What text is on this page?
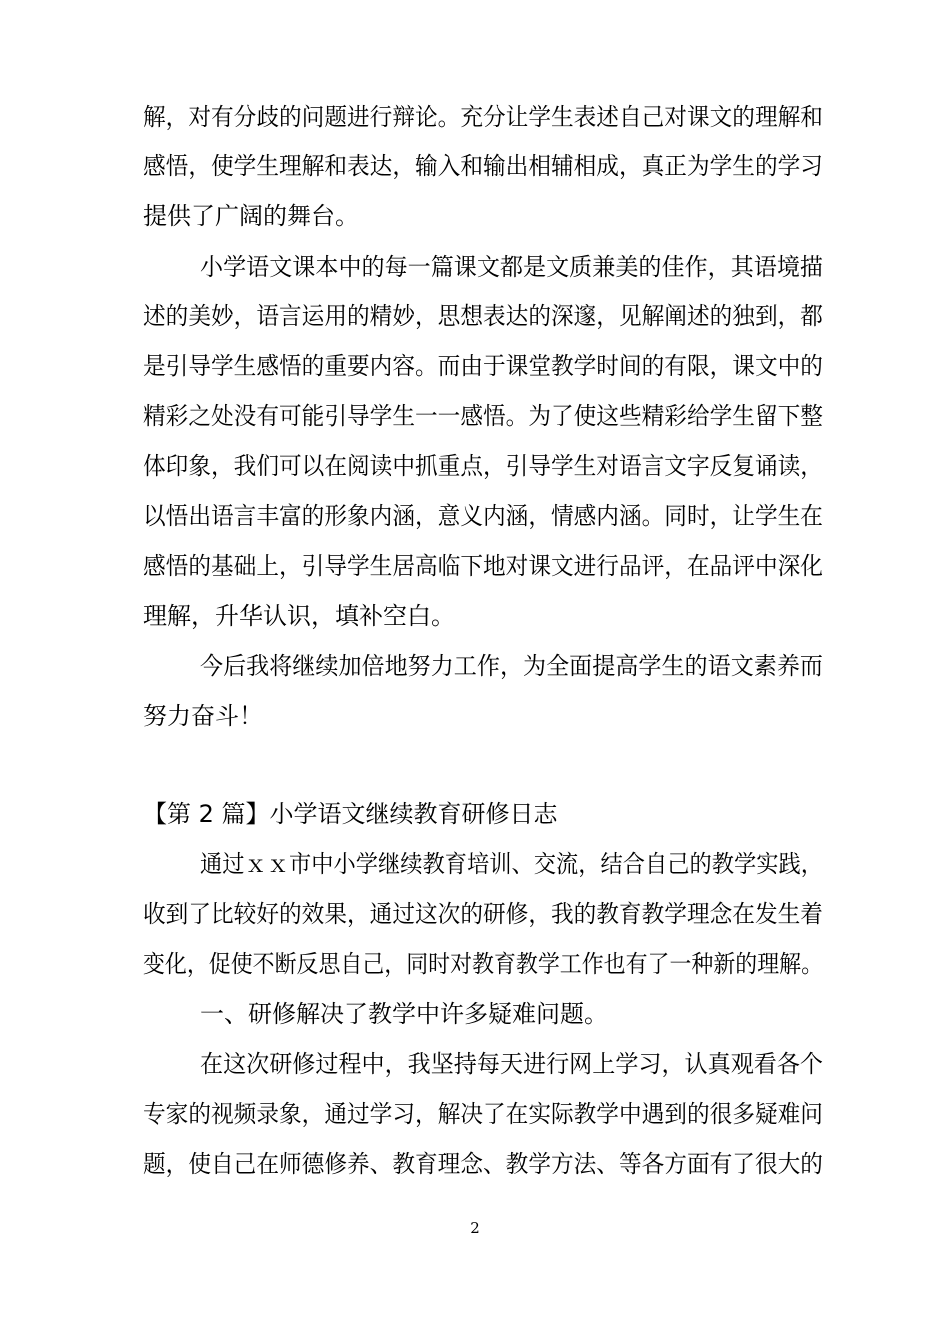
解，对有分歧的问题进行辩论。充分让学生表述自己对课文的理解和
感悟，使学生理解和表达，输入和输出相辅相成，真正为学生的学习
提供了广阔的舞台。
小学语文课本中的每一篇课文都是文质兼美的佳作，其语境描
述的美妙，语言运用的精妙，思想表达的深邃，见解阐述的独到，都
是引导学生感悟的重要内容。而由于课堂教学时间的有限，课文中的
精彩之处没有可能引导学生一一感悟。为了使这些精彩给学生留下整
体印象，我们可以在阅读中抓重点，引导学生对语言文字反复诵读，
以悟出语言丰富的形象内涵，意义内涵，情感内涵。同时，让学生在
感悟的基础上，引导学生居高临下地对课文进行品评，在品评中深化
理解，升华认识，填补空白。
今后我将继续加倍地努力工作，为全面提高学生的语文素养而
努力奋斗！
【第 2 篇】小学语文继续教育研修日志
通过ｘｘ市中小学继续教育培训、交流，结合自己的教学实践，
收到了比较好的效果，通过这次的研修，我的教育教学理念在发生着
变化，促使不断反思自己，同时对教育教学工作也有了一种新的理解。
一、研修解决了教学中许多疑难问题。
在这次研修过程中，我坚持每天进行网上学习，认真观看各个
专家的视频录象，通过学习，解决了在实际教学中遇到的很多疑难问
题，使自己在师德修养、教育理念、教学方法、等各方面有了很大的
2
